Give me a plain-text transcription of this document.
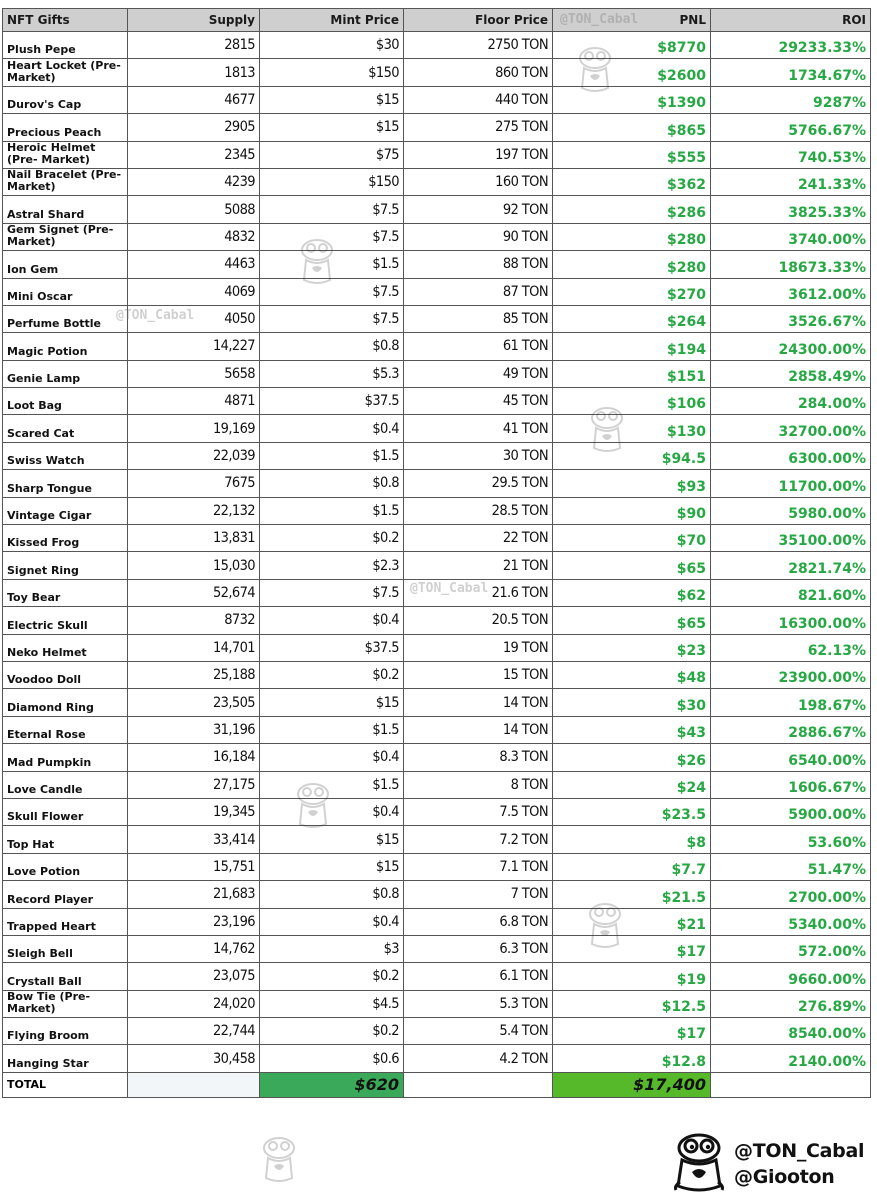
NFT Gifts	Supply	Mint Price	Floor Price	PNL	ROI
Plush Pepe	2815	$30	2750 TON	$8770	29233.33%
Heart Locket (Pre- Market)	1813	$150	860 TON	$2600	1734.67%
Durov's Cap	4677	$15	440 TON	$1390	9287%
Precious Peach	2905	$15	275 TON	$865	5766.67%
Heroic Helmet (Pre- Market)	2345	$75	197 TON	$555	740.53%
Nail Bracelet (Pre- Market)	4239	$150	160 TON	$362	241.33%
Astral Shard	5088	$7.5	92 TON	$286	3825.33%
Gem Signet (Pre- Market)	4832	$7.5	90 TON	$280	3740.00%
Ion Gem	4463	$1.5	88 TON	$280	18673.33%
Mini Oscar	4069	$7.5	87 TON	$270	3612.00%
Perfume Bottle	4050	$7.5	85 TON	$264	3526.67%
Magic Potion	14,227	$0.8	61 TON	$194	24300.00%
Genie Lamp	5658	$5.3	49 TON	$151	2858.49%
Loot Bag	4871	$37.5	45 TON	$106	284.00%
Scared Cat	19,169	$0.4	41 TON	$130	32700.00%
Swiss Watch	22,039	$1.5	30 TON	$94.5	6300.00%
Sharp Tongue	7675	$0.8	29.5 TON	$93	11700.00%
Vintage Cigar	22,132	$1.5	28.5 TON	$90	5980.00%
Kissed Frog	13,831	$0.2	22 TON	$70	35100.00%
Signet Ring	15,030	$2.3	21 TON	$65	2821.74%
Toy Bear	52,674	$7.5	21.6 TON	$62	821.60%
Electric Skull	8732	$0.4	20.5 TON	$65	16300.00%
Neko Helmet	14,701	$37.5	19 TON	$23	62.13%
Voodoo Doll	25,188	$0.2	15 TON	$48	23900.00%
Diamond Ring	23,505	$15	14 TON	$30	198.67%
Eternal Rose	31,196	$1.5	14 TON	$43	2886.67%
Mad Pumpkin	16,184	$0.4	8.3 TON	$26	6540.00%
Love Candle	27,175	$1.5	8 TON	$24	1606.67%
Skull Flower	19,345	$0.4	7.5 TON	$23.5	5900.00%
Top Hat	33,414	$15	7.2 TON	$8	53.60%
Love Potion	15,751	$15	7.1 TON	$7.7	51.47%
Record Player	21,683	$0.8	7 TON	$21.5	2700.00%
Trapped Heart	23,196	$0.4	6.8 TON	$21	5340.00%
Sleigh Bell	14,762	$3	6.3 TON	$17	572.00%
Crystall Ball	23,075	$0.2	6.1 TON	$19	9660.00%
Bow Tie (Pre- Market)	24,020	$4.5	5.3 TON	$12.5	276.89%
Flying Broom	22,744	$0.2	5.4 TON	$17	8540.00%
Hanging Star	30,458	$0.6	4.2 TON	$12.8	2140.00%
TOTAL		$620		$17,400	
@TON_Cabal
@TON_Cabal
@TON_Cabal
@TON_Cabal
@Giooton
